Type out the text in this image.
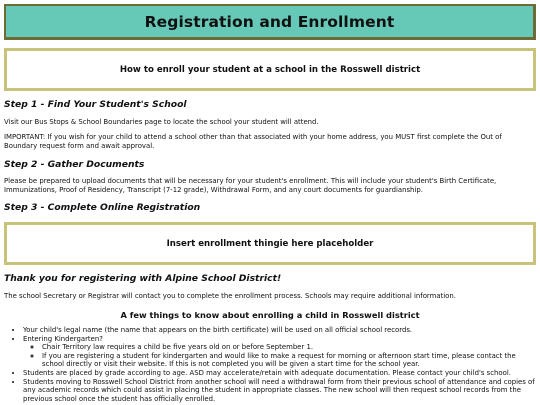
Registration and Enrollment
How to enroll your student at a school in the Rosswell district
Step 1 - Find Your Student's School

Visit our Bus Stops & School Boundaries page to locate the school your student will attend.

IMPORTANT: If you wish for your child to attend a school other than that associated with your home address, you MUST first complete the Out of Boundary request form and await approval.

Step 2 - Gather Documents

Please be prepared to upload documents that will be necessary for your student's enrollment. This will include your student's Birth Certificate, Immunizations, Proof of Residency, Transcript (7-12 grade), Withdrawal Form, and any court documents for guardianship.

Step 3 - Complete Online Registration
Insert enrollment thingie here placeholder
Thank you for registering with Alpine School District!

The school Secretary or Registrar will contact you to complete the enrollment process. Schools may require additional information.

A few things to know about enrolling a child in Rosswell district
• Your child's legal name (the name that appears on the birth certificate) will be used on all official school records.
• Entering Kindergarten?
◦ Chair Territory law requires a child be five years old on or before September 1.
◦ If you are registering a student for kindergarten and would like to make a request for morning or afternoon start time, please contact the school directly or visit their website. If this is not completed you will be given a start time for the school year.
• Students are placed by grade according to age. ASD may accelerate/retain with adequate documentation. Please contact your child's school.
• Students moving to Rosswell School District from another school will need a withdrawal form from their previous school of attendance and copies of any academic records which could assist in placing the student in appropriate classes. The new school will then request school records from the previous school once the student has officially enrolled.
